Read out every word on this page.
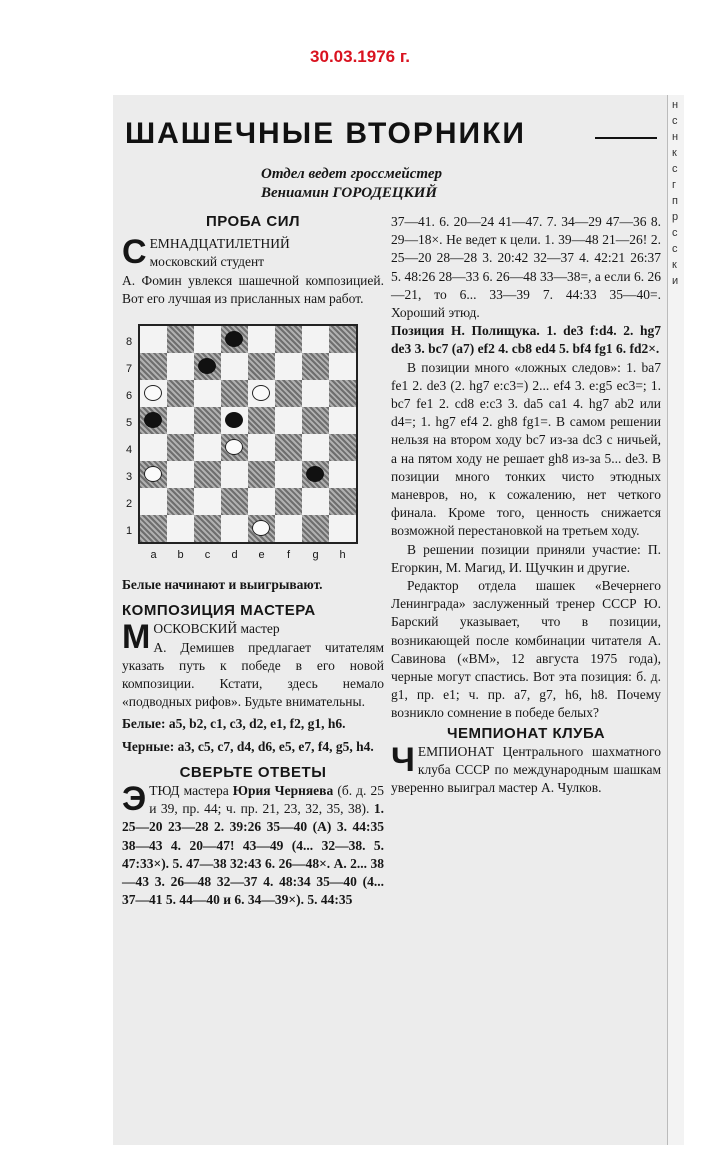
30.03.1976 г.
ШАШЕЧНЫЕ ВТОРНИКИ
Отдел ведет гроссмейстер
Вениамин ГОРОДЕЦКИЙ
ПРОБА СИЛ
С ЕМНАДЦАТИЛЕТНИЙ
московский студент

А. Фомин увлекся шашечной композицией. Вот его лучшая из присланных нам работ.

8
7
6
5
4
3
2
1
a	b	c	d	e	f	g	h

Белые начинают и выигрывают.

КОМПОЗИЦИЯ МАСТЕРА
М ОСКОВСКИЙ мастер

А. Демишев предлагает читателям указать путь к победе в его новой композиции. Кстати, здесь немало «подводных рифов». Будьте внимательны.

Белые: a5, b2, c1, c3, d2, e1, f2, g1, h6.

Черные: a3, c5, c7, d4, d6, e5, e7, f4, g5, h4.

СВЕРЬТЕ ОТВЕТЫ
Э ТЮД мастера Юрия Черняева (б. д. 25 и 39, пр. 44; ч. пр. 21, 23, 32, 35, 38). 1. 25—20 23—28 2. 39:26 35—40 (A) 3. 44:35 38—43 4. 20—47! 43—49 (4... 32—38. 5. 47:33×). 5. 47—38 32:43 6. 26—48×. А. 2... 38—43 3. 26—48 32—37 4. 48:34 35—40 (4... 37—41 5. 44—40 и 6. 34—39×). 5. 44:35

37—41. 6. 20—24 41—47. 7. 34—29 47—36 8. 29—18×. Не ведет к цели. 1. 39—48 21—26! 2. 25—20 28—28 3. 20:42 32—37 4. 42:21 26:37 5. 48:26 28—33 6. 26—48 33—38=, а если 6. 26—21, то 6... 33—39 7. 44:33 35—40=. Хороший этюд.

Позиция Н. Полищука. 1. de3 f:d4. 2. hg7 de3 3. bc7 (a7) ef2 4. cb8 ed4 5. bf4 fg1 6. fd2×.

В позиции много «ложных следов»: 1. ba7 fe1 2. de3 (2. hg7 e:c3=) 2... ef4 3. e:g5 ec3=; 1. bc7 fe1 2. cd8 e:c3 3. da5 ca1 4. hg7 ab2 или d4=; 1. hg7 ef4 2. gh8 fg1=. В самом решении нельзя на втором ходу bc7 из-за dc3 с ничьей, а на пятом ходу не решает gh8 из-за 5... de3. В позиции много тонких чисто этюдных маневров, но, к сожалению, нет четкого финала. Кроме того, ценность снижается возможной перестановкой на третьем ходу.

В решении позиции приняли участие: П. Егоркин, М. Магид, И. Щучкин и другие.

Редактор отдела шашек «Вечернего Ленинграда» заслуженный тренер СССР Ю. Барский указывает, что в позиции, возникающей после комбинации читателя А. Савинова («ВМ», 12 августа 1975 года), черные могут спастись. Вот эта позиция: б. д. g1, пр. e1; ч. пр. a7, g7, h6, h8. Почему возникло сомнение в победе белых?

ЧЕМПИОНАТ КЛУБА
Ч ЕМПИОНАТ Центрального шахматного клуба СССР по международным шашкам уверенно выиграл мастер А. Чулков.

н
с
н
к
с
г
п
р
с
с
к
и
